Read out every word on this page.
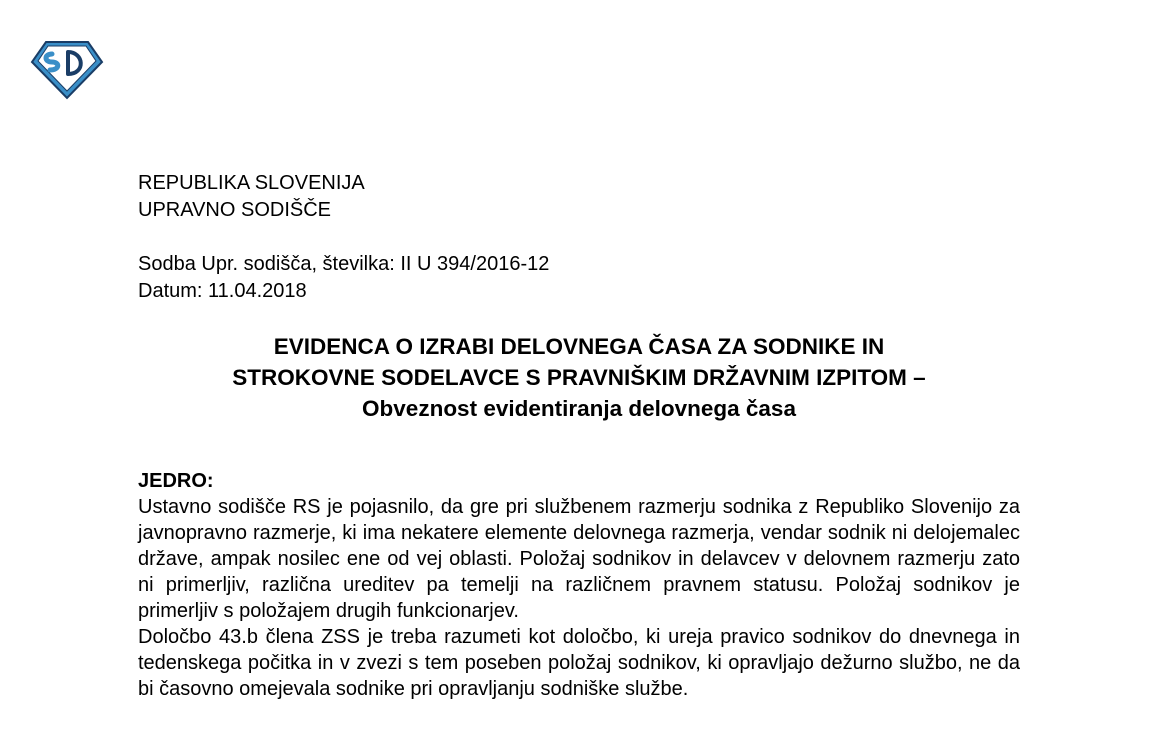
REPUBLIKA SLOVENIJA
UPRAVNO SODIŠČE
Sodba Upr. sodišča, številka: II U 394/2016-12
Datum: 11.04.2018
EVIDENCA O IZRABI DELOVNEGA ČASA ZA SODNIKE IN
STROKOVNE SODELAVCE S PRAVNIŠKIM DRŽAVNIM IZPITOM –
Obveznost evidentiranja delovnega časa
JEDRO:

Ustavno sodišče RS je pojasnilo, da gre pri službenem razmerju sodnika z Republiko Slovenijo za javnopravno razmerje, ki ima nekatere elemente delovnega razmerja, vendar sodnik ni delojemalec države, ampak nosilec ene od vej oblasti. Položaj sodnikov in delavcev v delovnem razmerju zato ni primerljiv, različna ureditev pa temelji na različnem pravnem statusu. Položaj sodnikov je primerljiv s položajem drugih funkcionarjev.

Določbo 43.b člena ZSS je treba razumeti kot določbo, ki ureja pravico sodnikov do dnevnega in tedenskega počitka in v zvezi s tem poseben položaj sodnikov, ki opravljajo dežurno službo, ne da bi časovno omejevala sodnike pri opravljanju sodniške službe.
